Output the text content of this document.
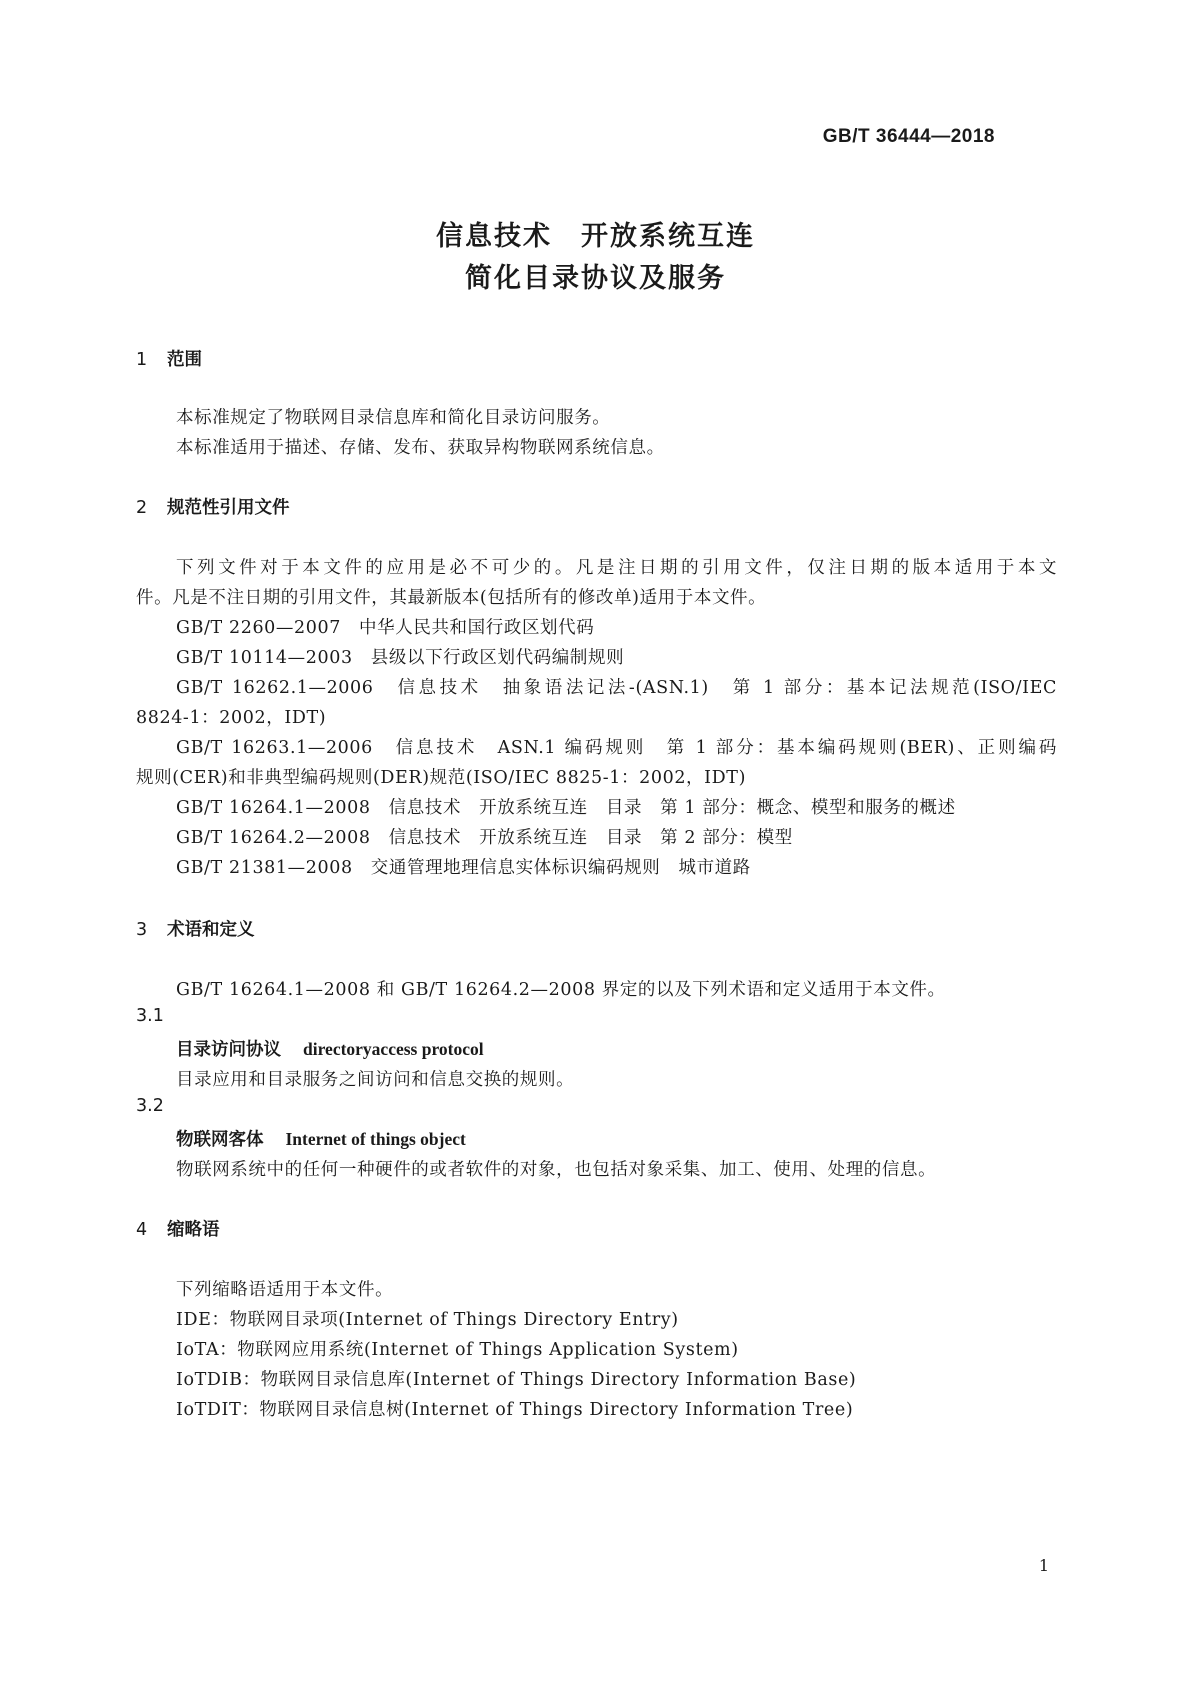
GB/T 36444—2018
信息技术　开放系统互连
简化目录协议及服务
1 范围
本标准规定了物联网目录信息库和简化目录访问服务。
本标准适用于描述、存储、发布、获取异构物联网系统信息。
2 规范性引用文件
下列文件对于本文件的应用是必不可少的。凡是注日期的引用文件，仅注日期的版本适用于本文
件。凡是不注日期的引用文件，其最新版本(包括所有的修改单)适用于本文件。
GB/T 2260—2007　中华人民共和国行政区划代码
GB/T 10114—2003　县级以下行政区划代码编制规则
GB/T 16262.1—2006　信息技术　抽象语法记法-(ASN.1)　第 1 部分：基本记法规范(ISO/IEC
8824-1：2002，IDT)
GB/T 16263.1—2006　信息技术　ASN.1 编码规则　第 1 部分：基本编码规则(BER)、正则编码
规则(CER)和非典型编码规则(DER)规范(ISO/IEC 8825-1：2002，IDT)
GB/T 16264.1—2008　信息技术　开放系统互连　目录　第 1 部分：概念、模型和服务的概述
GB/T 16264.2—2008　信息技术　开放系统互连　目录　第 2 部分：模型
GB/T 21381—2008　交通管理地理信息实体标识编码规则　城市道路
3 术语和定义
GB/T 16264.1—2008 和 GB/T 16264.2—2008 界定的以及下列术语和定义适用于本文件。
3.1
目录访问协议 directoryaccess protocol
目录应用和目录服务之间访问和信息交换的规则。
3.2
物联网客体 Internet of things object
物联网系统中的任何一种硬件的或者软件的对象，也包括对象采集、加工、使用、处理的信息。
4 缩略语
下列缩略语适用于本文件。
IDE：物联网目录项(Internet of Things Directory Entry)
IoTA：物联网应用系统(Internet of Things Application System)
IoTDIB：物联网目录信息库(Internet of Things Directory Information Base)
IoTDIT：物联网目录信息树(Internet of Things Directory Information Tree)
1
